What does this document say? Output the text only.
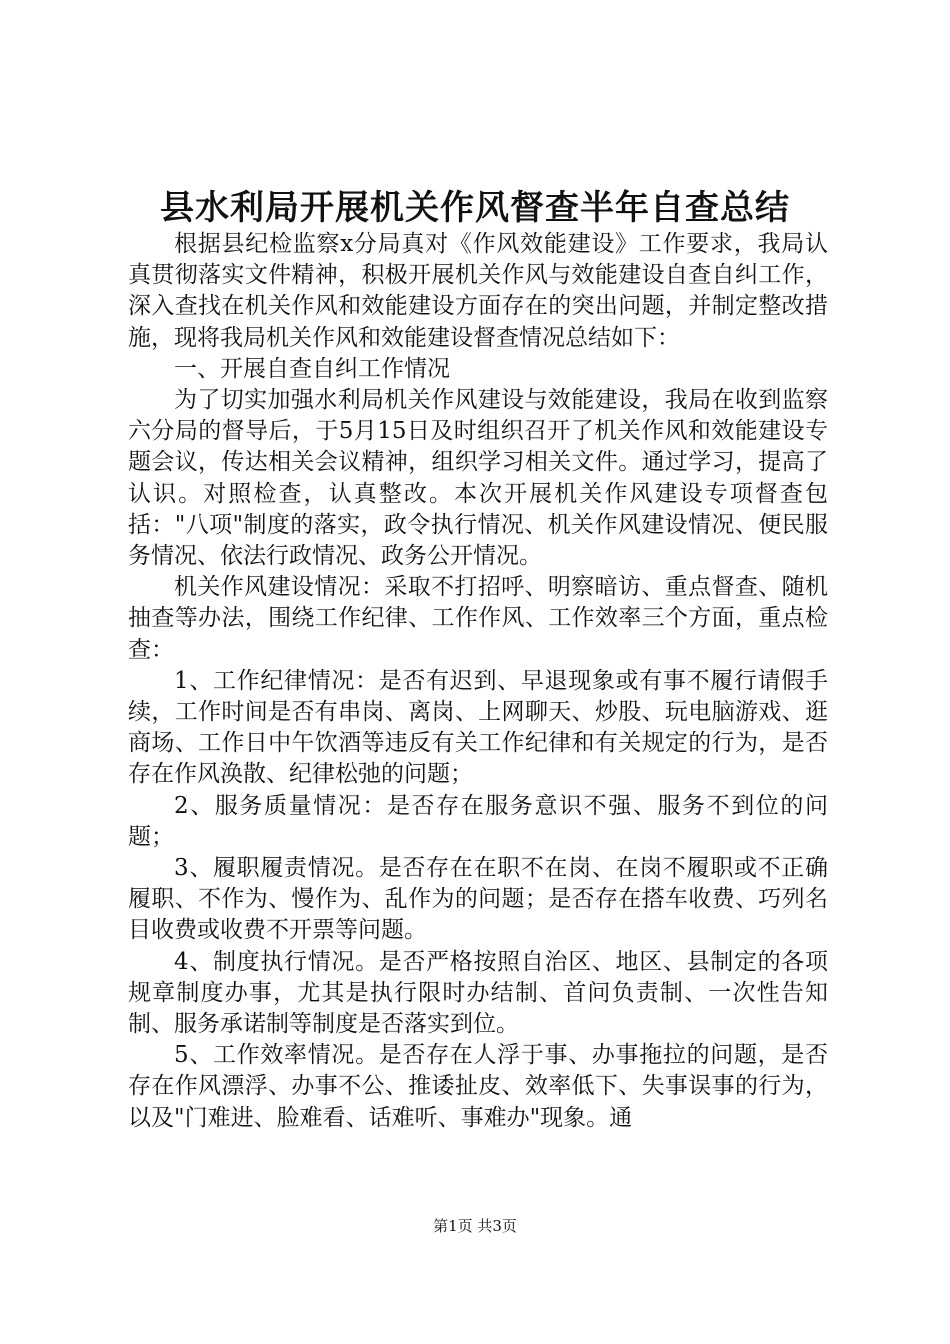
县水利局开展机关作风督查半年自查总结

根据县纪检监察x分局真对《作风效能建设》工作要求，我局认真贯彻落实文件精神，积极开展机关作风与效能建设自查自纠工作，深入查找在机关作风和效能建设方面存在的突出问题，并制定整改措施，现将我局机关作风和效能建设督查情况总结如下：

一、开展自查自纠工作情况

为了切实加强水利局机关作风建设与效能建设，我局在收到监察六分局的督导后，于5月15日及时组织召开了机关作风和效能建设专题会议，传达相关会议精神，组织学习相关文件。通过学习，提高了认识。对照检查，认真整改。本次开展机关作风建设专项督查包括："八项"制度的落实，政令执行情况、机关作风建设情况、便民服务情况、依法行政情况、政务公开情况。

机关作风建设情况：采取不打招呼、明察暗访、重点督查、随机抽查等办法，围绕工作纪律、工作作风、工作效率三个方面，重点检查：

1、工作纪律情况：是否有迟到、早退现象或有事不履行请假手续，工作时间是否有串岗、离岗、上网聊天、炒股、玩电脑游戏、逛商场、工作日中午饮酒等违反有关工作纪律和有关规定的行为，是否存在作风涣散、纪律松弛的问题；

2、服务质量情况：是否存在服务意识不强、服务不到位的问题；

3、履职履责情况。是否存在在职不在岗、在岗不履职或不正确履职、不作为、慢作为、乱作为的问题；是否存在搭车收费、巧列名目收费或收费不开票等问题。

4、制度执行情况。是否严格按照自治区、地区、县制定的各项规章制度办事，尤其是执行限时办结制、首问负责制、一次性告知制、服务承诺制等制度是否落实到位。

5、工作效率情况。是否存在人浮于事、办事拖拉的问题，是否存在作风漂浮、办事不公、推诿扯皮、效率低下、失事误事的行为，以及"门难进、脸难看、话难听、事难办"现象。通

第1页 共3页
